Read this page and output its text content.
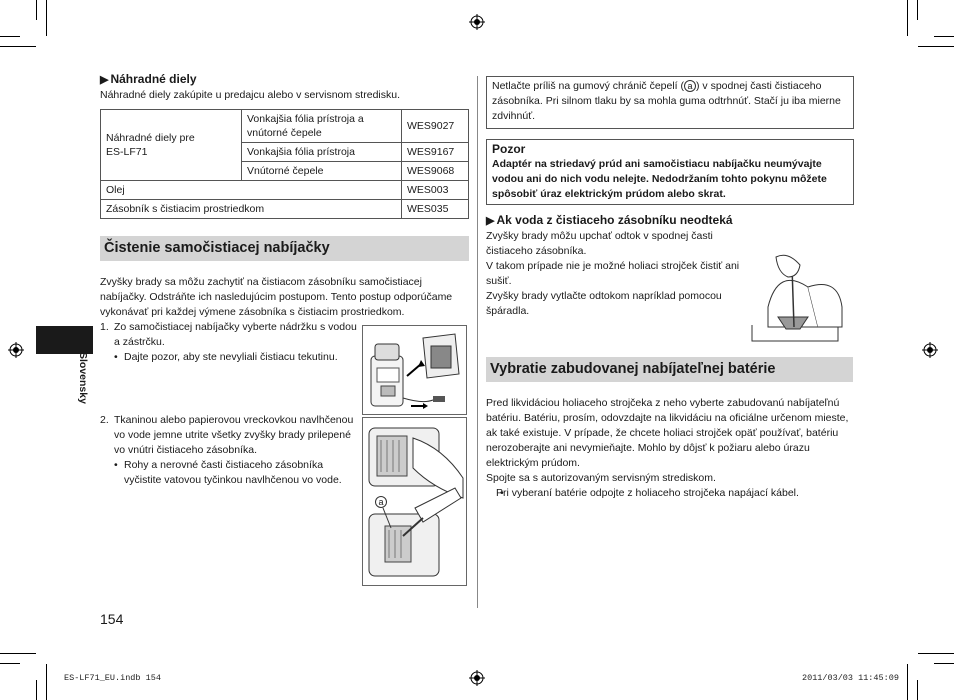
Slovensky
▶ Náhradné diely
Náhradné diely zakúpite u predajcu alebo v servisnom stredisku.
Náhradné diely pre
ES-LF71	Vonkajšia fólia prístroja a vnútorné čepele	WES9027
	Vonkajšia fólia prístroja	WES9167
	Vnútorné čepele	WES9068
Olej		WES003
Zásobník s čistiacim prostriedkom		WES035
Čistenie samočistiacej nabíjačky
Zvyšky brady sa môžu zachytiť na čistiacom zásobníku samočistiacej nabíjačky. Odstráňte ich nasledujúcim postupom. Tento postup odporúčame vykonávať pri každej výmene zásobníka s čistiacim prostriedkom.
1. Zo samočistiacej nabíjačky vyberte nádržku s vodou a zástrčku.
• Dajte pozor, aby ste nevyliali čistiacu tekutinu.
2. Tkaninou alebo papierovou vreckovkou navlhčenou vo vode jemne utrite všetky zvyšky brady prilepené vo vnútri čistiaceho zásobníka.
• Rohy a nerovné časti čistiaceho zásobníka vyčistite vatovou tyčinkou navlhčenou vo vode.
a
Netlačte príliš na gumový chránič čepelí ( a ) v spodnej časti čistiaceho zásobníka. Pri silnom tlaku by sa mohla guma odtrhnúť. Stačí ju iba mierne zdvihnúť.
Pozor
Adaptér na striedavý prúd ani samočistiacu nabíjačku neumývajte vodou ani do nich vodu nelejte. Nedodržaním tohto pokynu môžete spôsobiť úraz elektrickým prúdom alebo skrat.
▶ Ak voda z čistiaceho zásobníku neodteká
Zvyšky brady môžu upchať odtok v spodnej časti čistiaceho zásobníka.
V takom prípade nie je možné holiaci strojček čistiť ani sušiť.
Zvyšky brady vytlačte odtokom napríklad pomocou špáradla.
Vybratie zabudovanej nabíjateľnej batérie
Pred likvidáciou holiaceho strojčeka z neho vyberte zabudovanú nabíjateľnú batériu. Batériu, prosím, odovzdajte na likvidáciu na oficiálne určenom mieste, ak také existuje. V prípade, že chcete holiaci strojček opäť používať, batériu nerozoberajte ani nevymieňajte. Mohlo by dôjsť k požiaru alebo úrazu elektrickým prúdom.
Spojte sa s autorizovaným servisným strediskom.
• Pri vyberaní batérie odpojte z holiaceho strojčeka napájací kábel.
154
ES-LF71_EU.indb 154	2011/03/03 11:45:09
